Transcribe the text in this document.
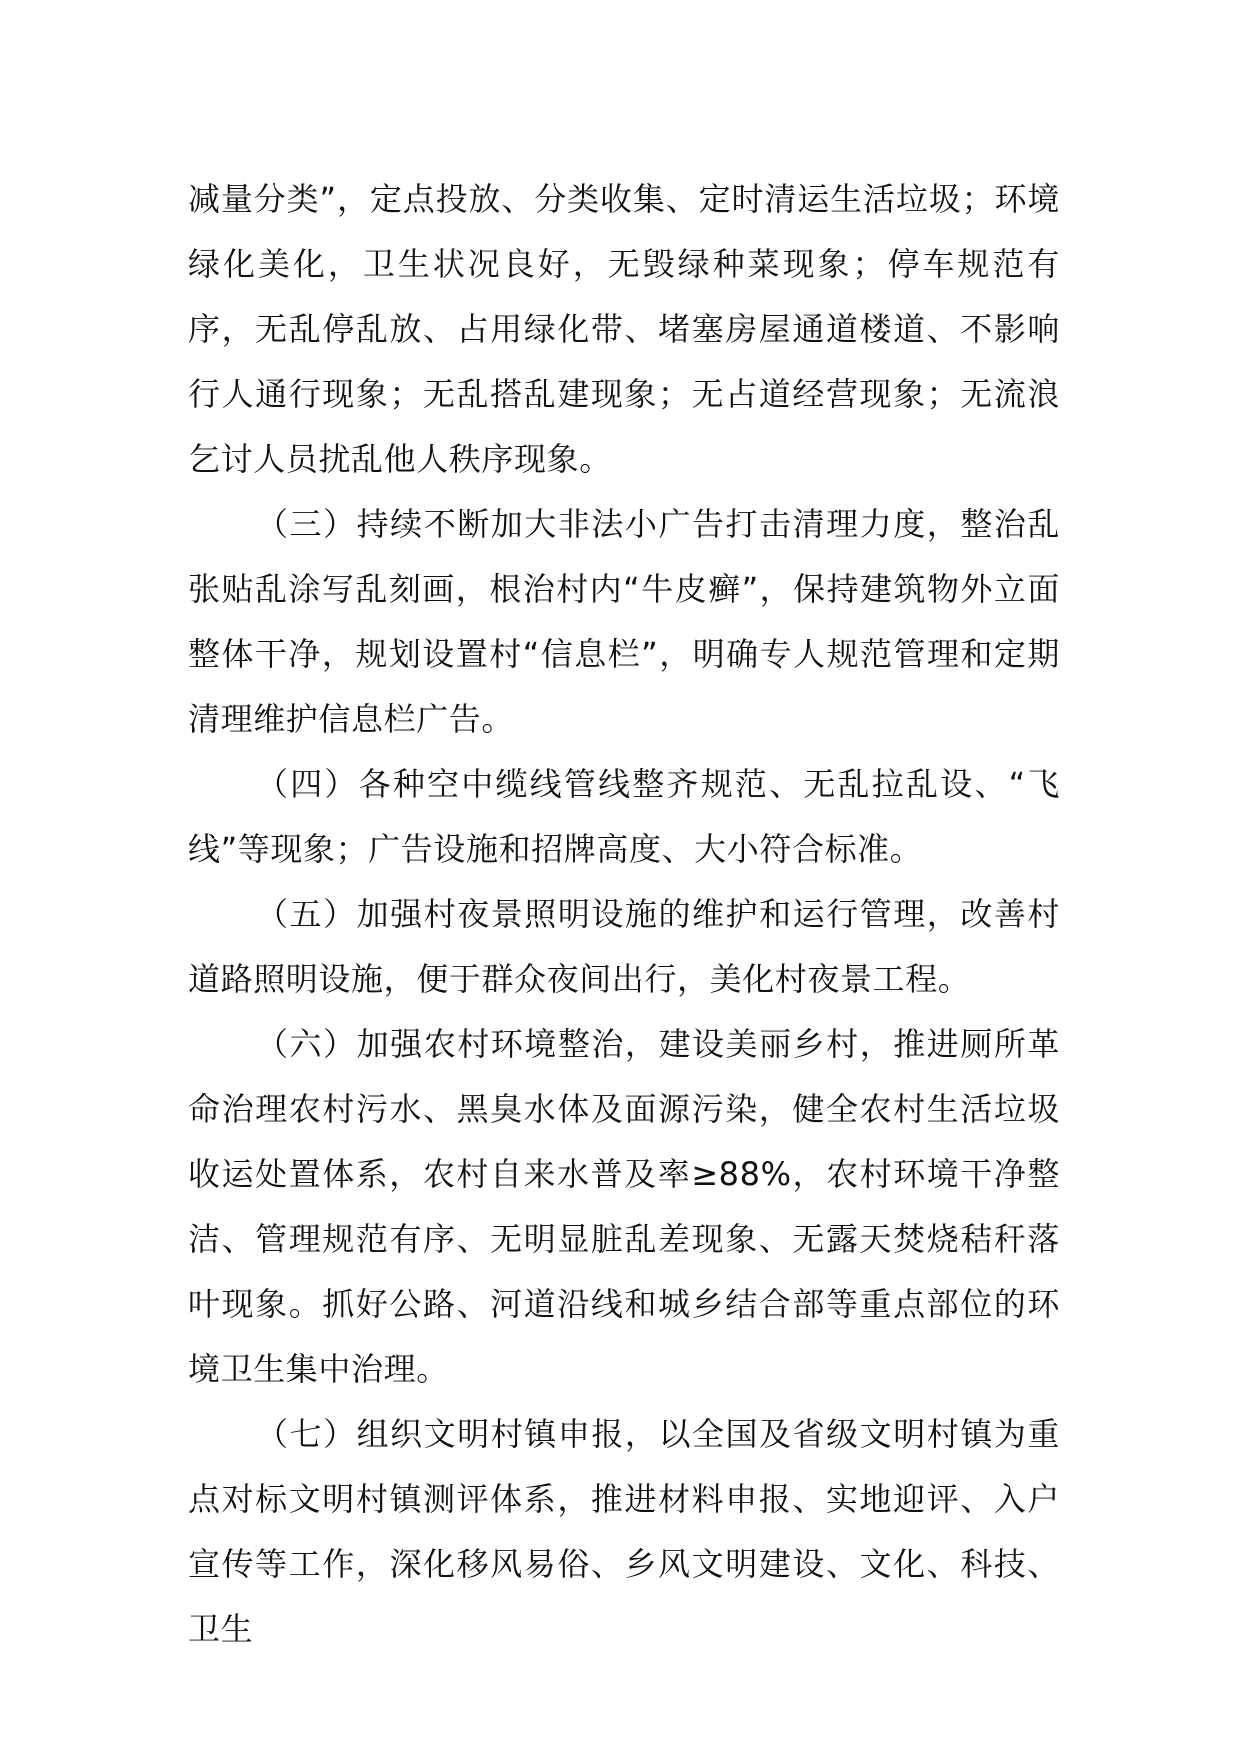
减量分类”，定点投放、分类收集、定时清运生活垃圾；环境绿化美化，卫生状况良好，无毁绿种菜现象；停车规范有序，无乱停乱放、占用绿化带、堵塞房屋通道楼道、不影响行人通行现象；无乱搭乱建现象；无占道经营现象；无流浪乞讨人员扰乱他人秩序现象。

（三）持续不断加大非法小广告打击清理力度，整治乱张贴乱涂写乱刻画，根治村内“牛皮癣”，保持建筑物外立面整体干净，规划设置村“信息栏”，明确专人规范管理和定期清理维护信息栏广告。

（四）各种空中缆线管线整齐规范、无乱拉乱设、“飞线”等现象；广告设施和招牌高度、大小符合标准。

（五）加强村夜景照明设施的维护和运行管理，改善村道路照明设施，便于群众夜间出行，美化村夜景工程。

（六）加强农村环境整治，建设美丽乡村，推进厕所革命治理农村污水、黑臭水体及面源污染，健全农村生活垃圾收运处置体系，农村自来水普及率≥88%，农村环境干净整洁、管理规范有序、无明显脏乱差现象、无露天焚烧秸秆落叶现象。抓好公路、河道沿线和城乡结合部等重点部位的环境卫生集中治理。

（七）组织文明村镇申报，以全国及省级文明村镇为重点对标文明村镇测评体系，推进材料申报、实地迎评、入户宣传等工作，深化移风易俗、乡风文明建设、文化、科技、卫生
